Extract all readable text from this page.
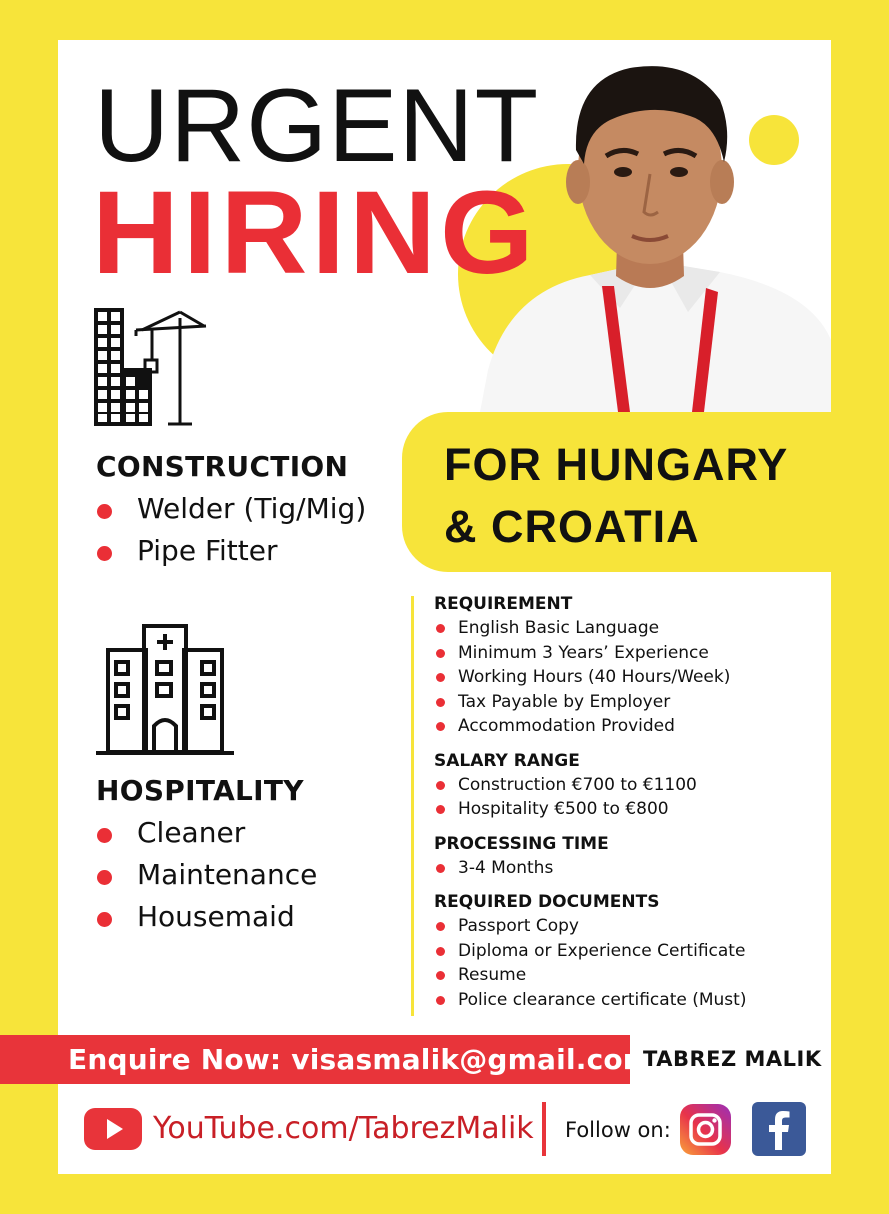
URGENT
HIRING
FOR HUNGARY
& CROATIA
CONSTRUCTION
Welder (Tig/Mig)
Pipe Fitter
HOSPITALITY
Cleaner
Maintenance
Housemaid
REQUIREMENT
English Basic Language
Minimum 3 Years’ Experience
Working Hours (40 Hours/Week)
Tax Payable by Employer
Accommodation Provided
SALARY RANGE
Construction €700 to €1100
Hospitality €500 to €800
PROCESSING TIME
3-4 Months
REQUIRED DOCUMENTS
Passport Copy
Diploma or Experience Certificate
Resume
Police clearance certificate (Must)
Enquire Now: visasmalik@gmail.com
TABREZ MALIK
YouTube.com/TabrezMalik Follow on:
